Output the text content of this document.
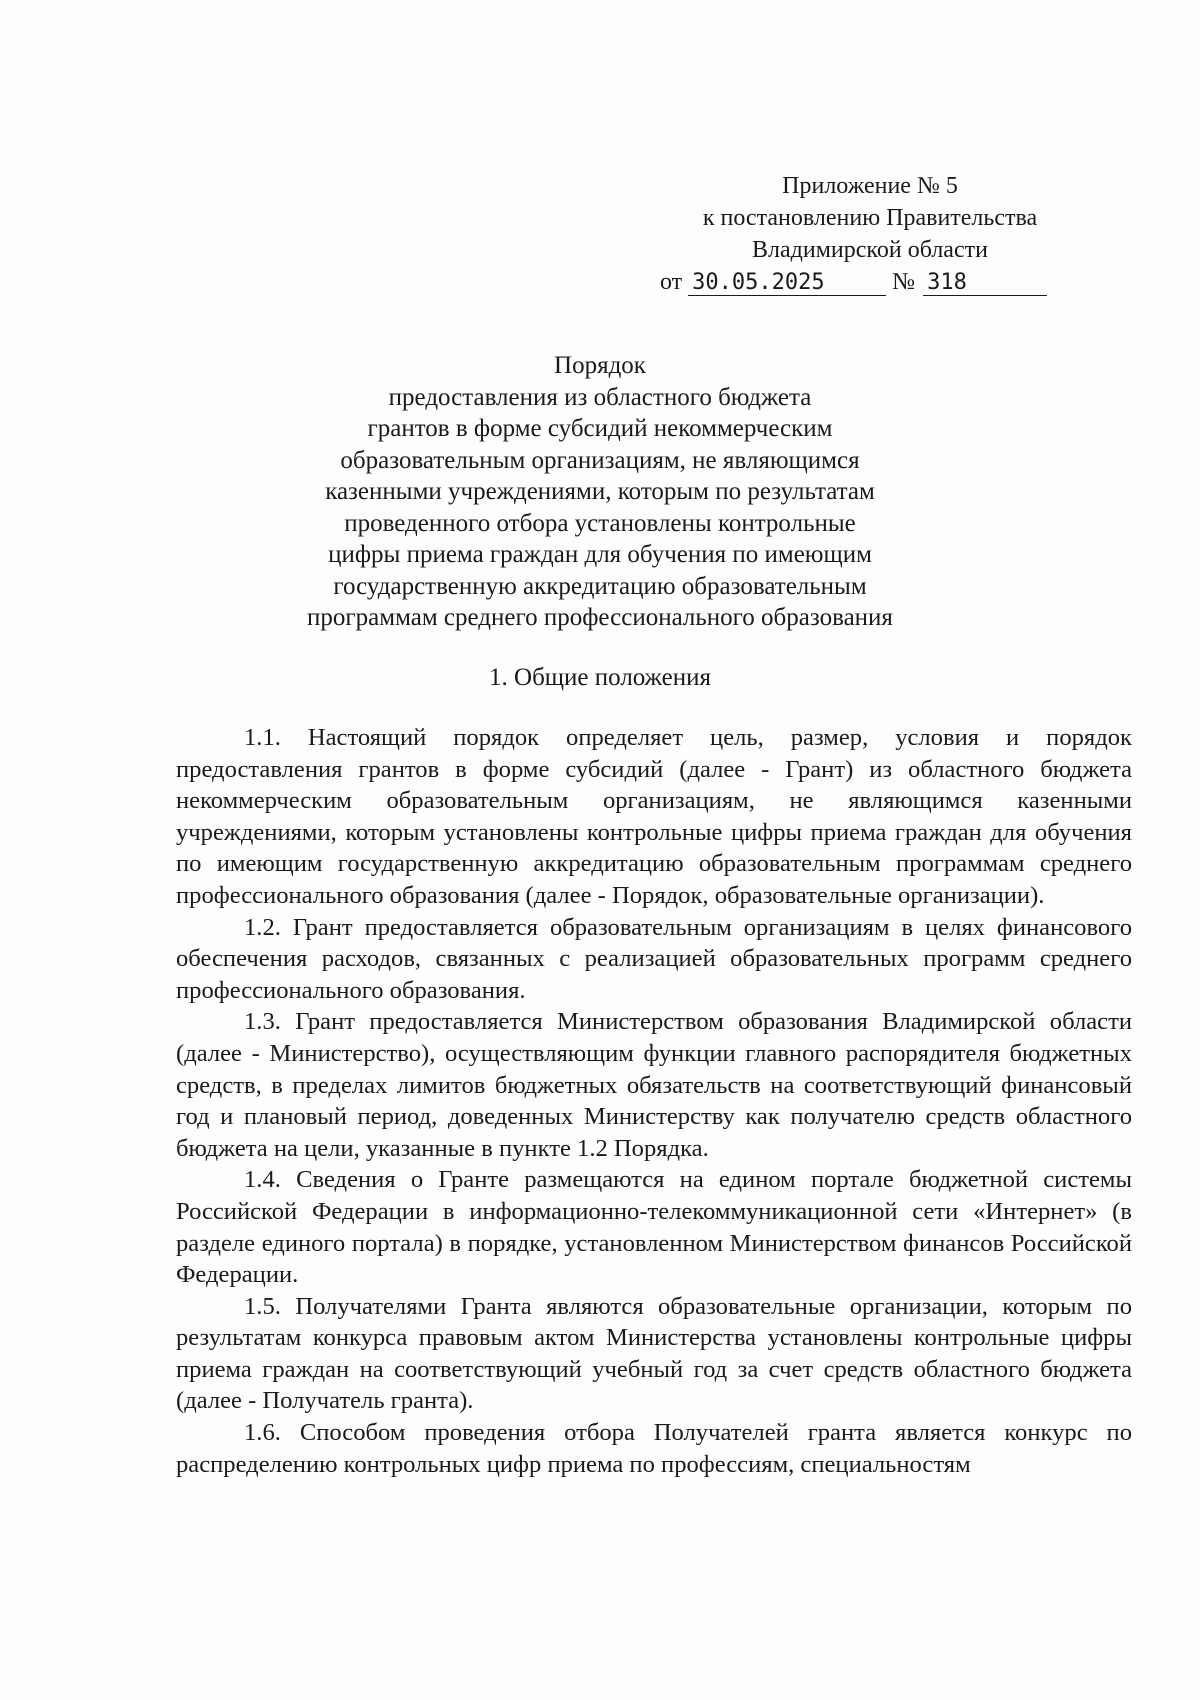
Приложение № 5
к постановлению Правительства
Владимирской области
от 30.05.2025	№ 318
Порядок
предоставления из областного бюджета
грантов в форме субсидий некоммерческим
образовательным организациям, не являющимся
казенными учреждениями, которым по результатам
проведенного отбора установлены контрольные
цифры приема граждан для обучения по имеющим
государственную аккредитацию образовательным
программам среднего профессионального образования
1. Общие положения

1.1. Настоящий порядок определяет цель, размер, условия и порядок предоставления грантов в форме субсидий (далее - Грант) из областного бюджета некоммерческим образовательным организациям, не являющимся казенными учреждениями, которым установлены контрольные цифры приема граждан для обучения по имеющим государственную аккредитацию образовательным программам среднего профессионального образования (далее - Порядок, образовательные организации).

1.2. Грант предоставляется образовательным организациям в целях финансового обеспечения расходов, связанных с реализацией образовательных программ среднего профессионального образования.

1.3. Грант предоставляется Министерством образования Владимирской области (далее - Министерство), осуществляющим функции главного распорядителя бюджетных средств, в пределах лимитов бюджетных обязательств на соответствующий финансовый год и плановый период, доведенных Министерству как получателю средств областного бюджета на цели, указанные в пункте 1.2 Порядка.

1.4. Сведения о Гранте размещаются на едином портале бюджетной системы Российской Федерации в информационно-телекоммуникационной сети «Интернет» (в разделе единого портала) в порядке, установленном Министерством финансов Российской Федерации.

1.5. Получателями Гранта являются образовательные организации, которым по результатам конкурса правовым актом Министерства установлены контрольные цифры приема граждан на соответствующий учебный год за счет средств областного бюджета (далее - Получатель гранта).

1.6. Способом проведения отбора Получателей гранта является конкурс по распределению контрольных цифр приема по профессиям, специальностям
